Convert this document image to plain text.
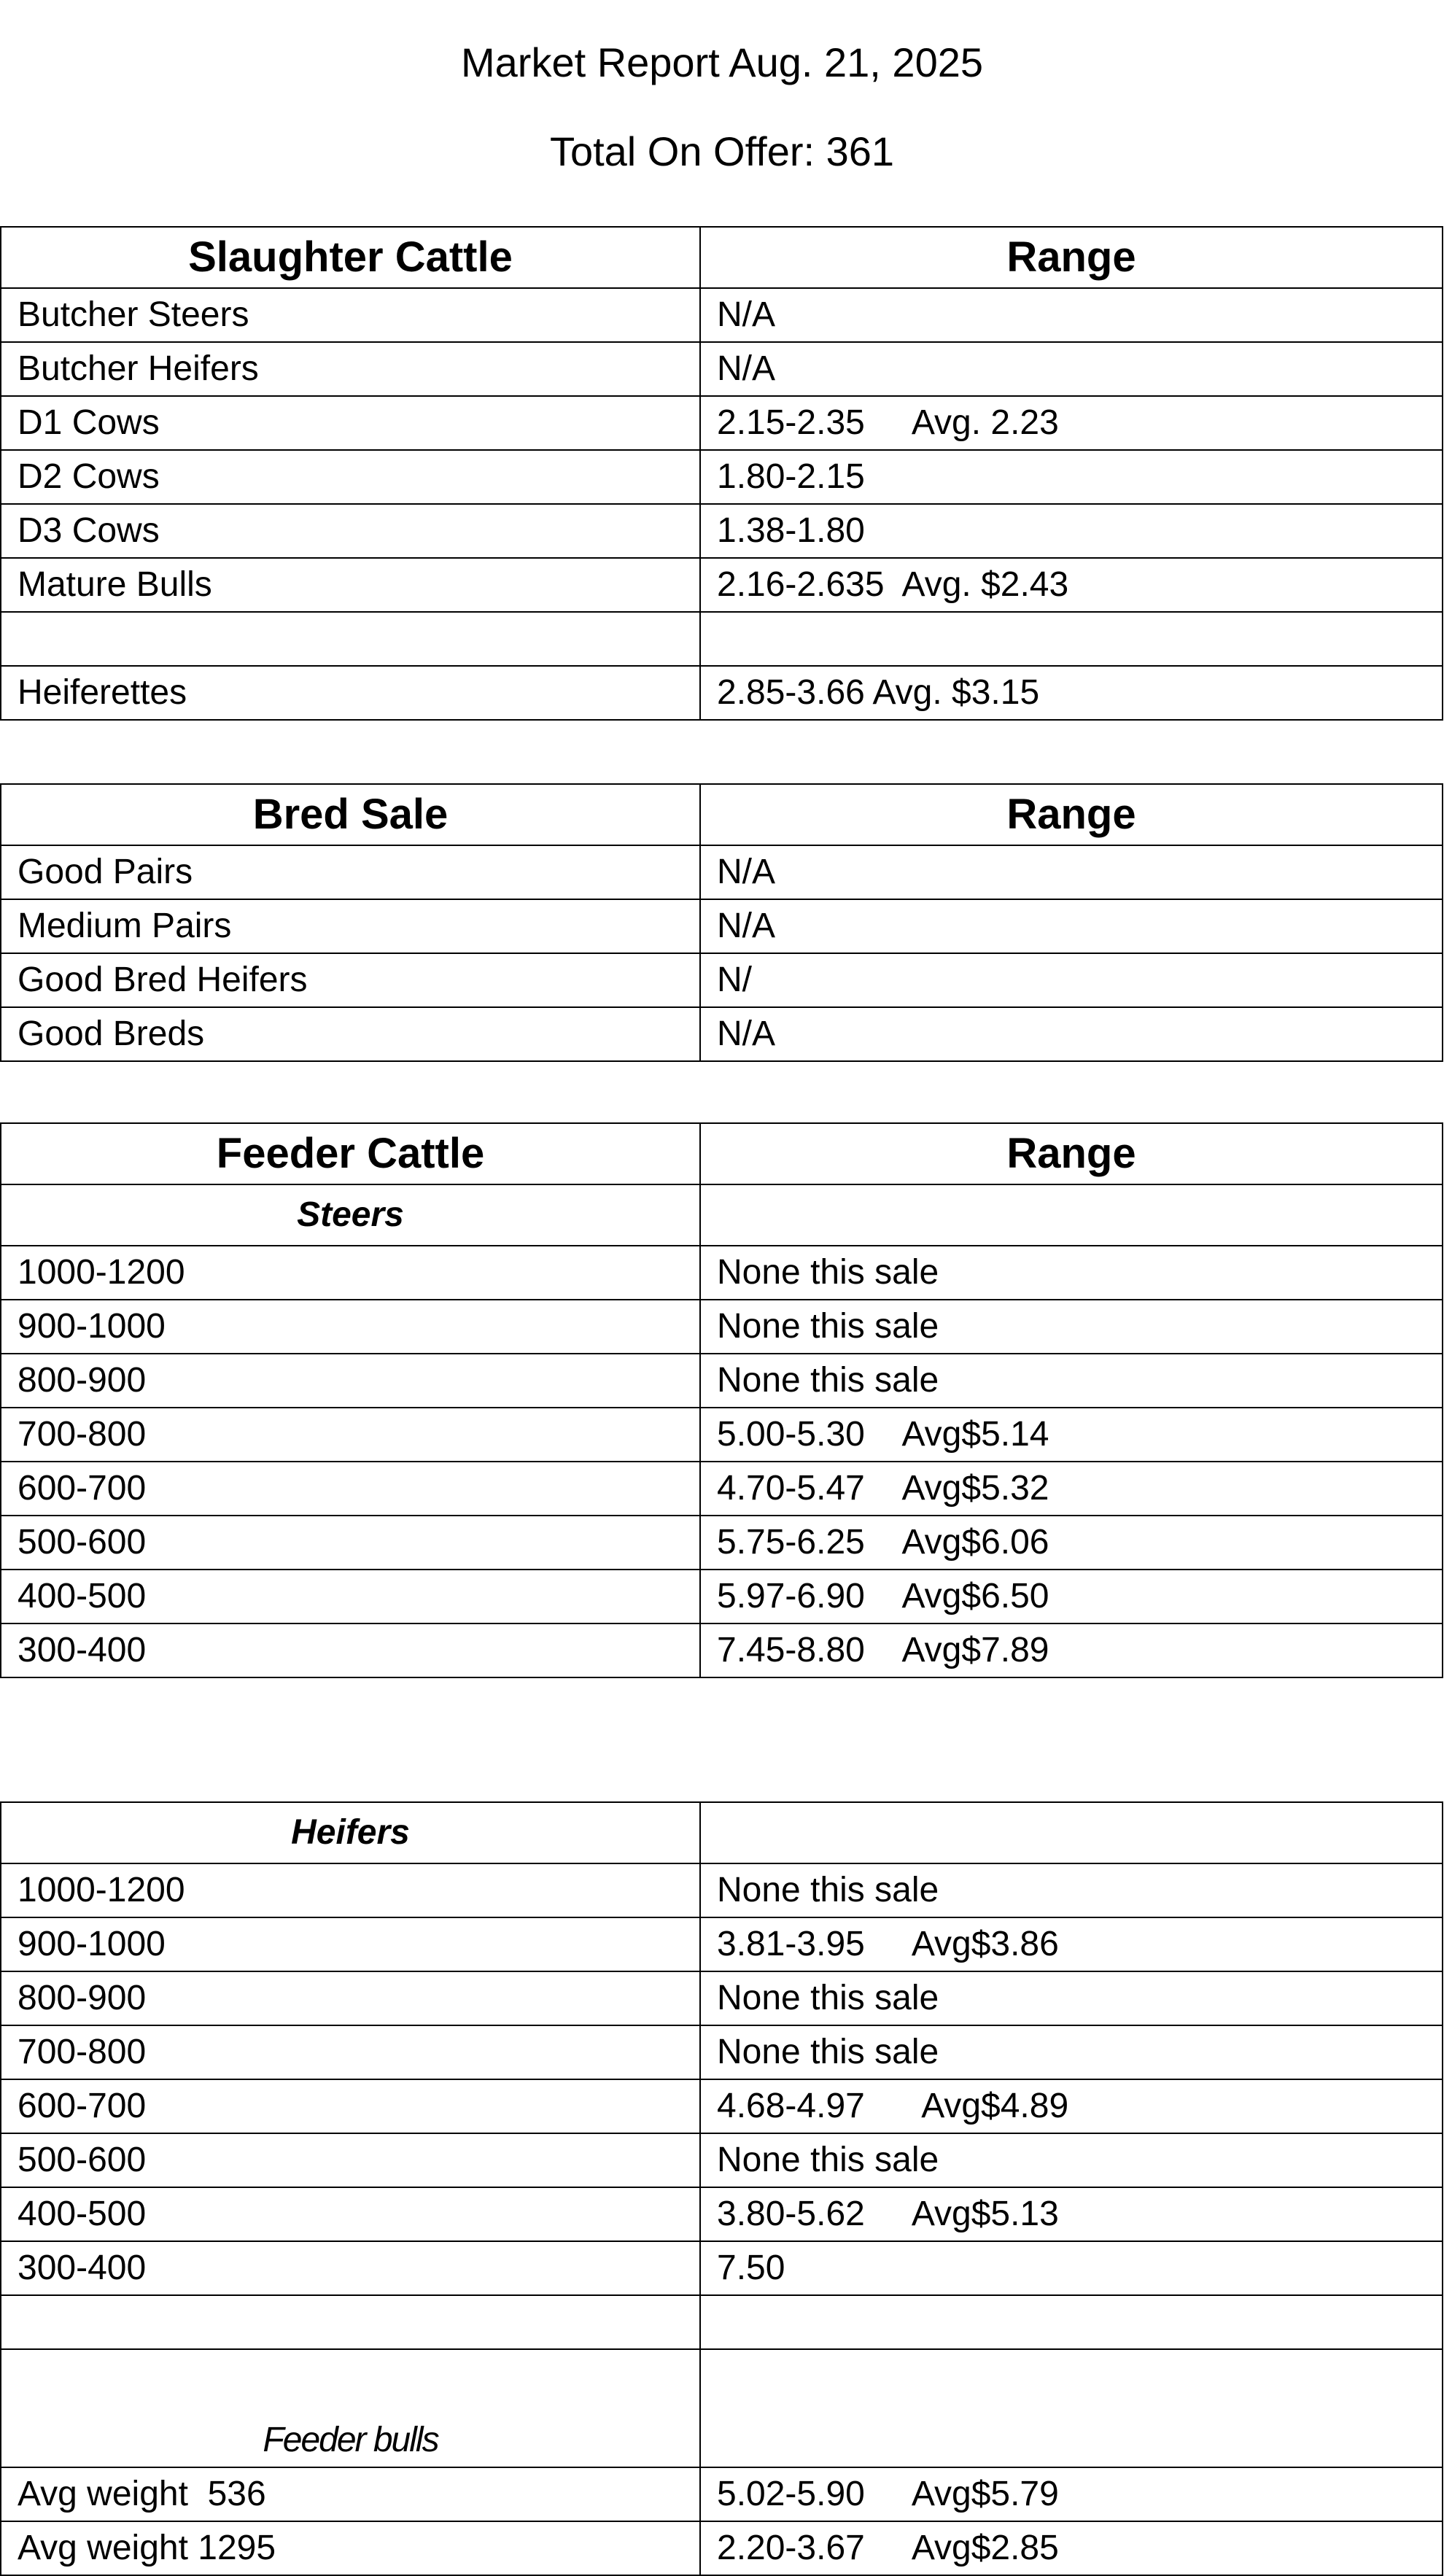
Market Report Aug. 21, 2025
Total On Offer: 361
Slaughter Cattle	Range
Butcher Steers	N/A
Butcher Heifers	N/A
D1 Cows	2.15-2.35     Avg. 2.23
D2 Cows	1.80-2.15
D3 Cows	1.38-1.80
Mature Bulls	2.16-2.635  Avg. $2.43

Heiferettes	2.85-3.66 Avg. $3.15
Bred Sale	Range
Good Pairs	N/A
Medium Pairs	N/A
Good Bred Heifers	N/
Good Breds	N/A
Feeder Cattle	Range
Steers	
1000-1200	None this sale
900-1000	None this sale
800-900	None this sale
700-800	5.00-5.30    Avg$5.14
600-700	4.70-5.47    Avg$5.32
500-600	5.75-6.25    Avg$6.06
400-500	5.97-6.90    Avg$6.50
300-400	7.45-8.80    Avg$7.89
Heifers	
1000-1200	None this sale
900-1000	3.81-3.95     Avg$3.86
800-900	None this sale
700-800	None this sale
600-700	4.68-4.97      Avg$4.89
500-600	None this sale
400-500	3.80-5.62     Avg$5.13
300-400	7.50

Feeder bulls	
Avg weight  536	5.02-5.90     Avg$5.79
Avg weight 1295	2.20-3.67     Avg$2.85
